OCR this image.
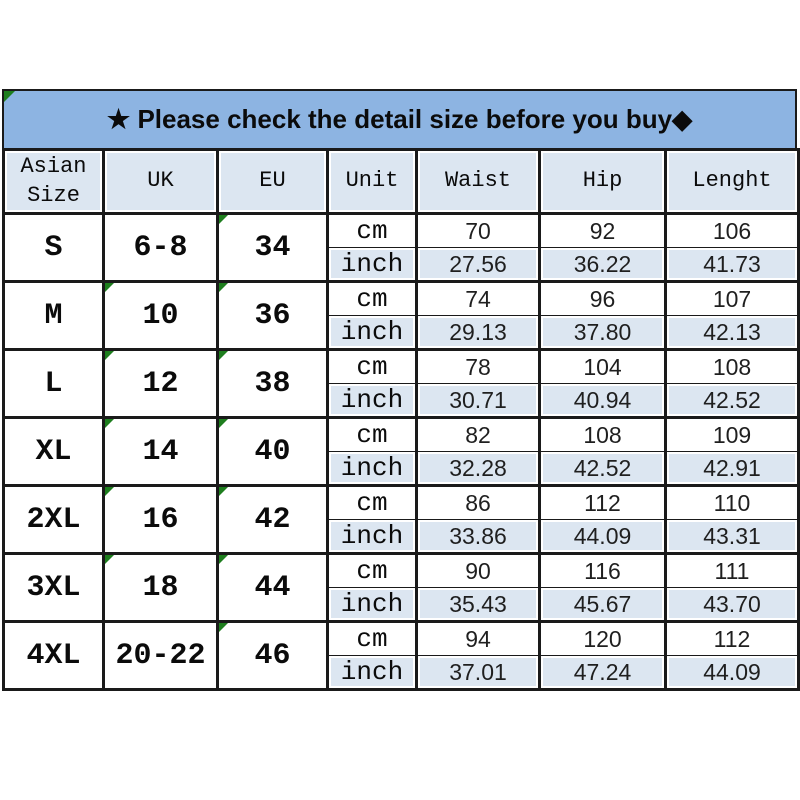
★ Please check the detail size before you buy◆
Asian Size	UK	EU	Unit	Waist	Hip	Lenght
S	6-8	34	cm	70	92	106
			inch	27.56	36.22	41.73
M	10	36	cm	74	96	107
			inch	29.13	37.80	42.13
L	12	38	cm	78	104	108
			inch	30.71	40.94	42.52
XL	14	40	cm	82	108	109
			inch	32.28	42.52	42.91
2XL	16	42	cm	86	112	110
			inch	33.86	44.09	43.31
3XL	18	44	cm	90	116	111
			inch	35.43	45.67	43.70
4XL	20-22	46	cm	94	120	112
			inch	37.01	47.24	44.09
